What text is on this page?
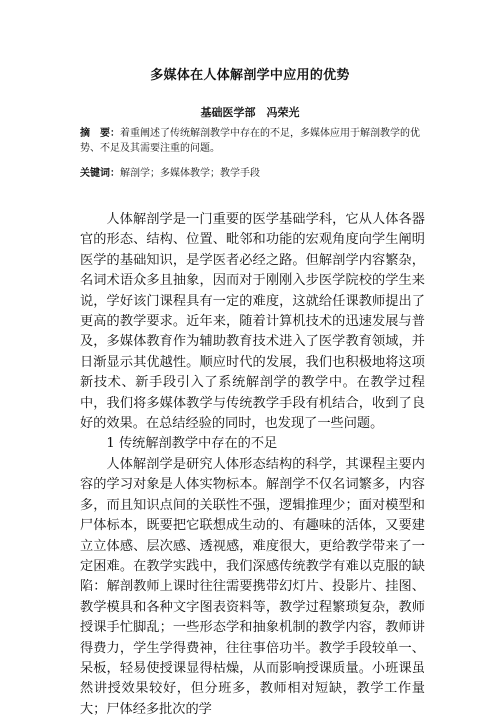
多媒体在人体解剖学中应用的优势
基础医学部　冯荣光
摘　要：着重阐述了传统解剖教学中存在的不足，多媒体应用于解剖教学的优势、不足及其需要注重的问题。
关键词：解剖学；多媒体教学；教学手段

人体解剖学是一门重要的医学基础学科，它从人体各器官的形态、结构、位置、毗邻和功能的宏观角度向学生阐明医学的基础知识，是学医者必经之路。但解剖学内容繁杂，名词术语众多且抽象，因而对于刚刚入步医学院校的学生来说，学好该门课程具有一定的难度，这就给任课教师提出了更高的教学要求。近年来，随着计算机技术的迅速发展与普及，多媒体教育作为辅助教育技术进入了医学教育领域，并日渐显示其优越性。顺应时代的发展，我们也积极地将这项新技术、新手段引入了系统解剖学的教学中。在教学过程中，我们将多媒体教学与传统教学手段有机结合，收到了良好的效果。在总结经验的同时，也发现了一些问题。

1 传统解剖教学中存在的不足

人体解剖学是研究人体形态结构的科学，其课程主要内容的学习对象是人体实物标本。解剖学不仅名词繁多，内容多，而且知识点间的关联性不强，逻辑推理少；面对模型和尸体标本，既要把它联想成生动的、有趣味的活体，又要建立立体感、层次感、透视感，难度很大，更给教学带来了一定困难。在教学实践中，我们深感传统教学有难以克服的缺陷：解剖教师上课时往往需要携带幻灯片、投影片、挂图、教学模具和各种文字图表资料等，教学过程繁琐复杂，教师授课手忙脚乱；一些形态学和抽象机制的教学内容，教师讲得费力，学生学得费神，往往事倍功半。教学手段较单一、呆板，轻易使授课显得枯燥，从而影响授课质量。小班课虽然讲授效果较好，但分班多，教师相对短缺，教学工作量大；尸体经多批次的学
